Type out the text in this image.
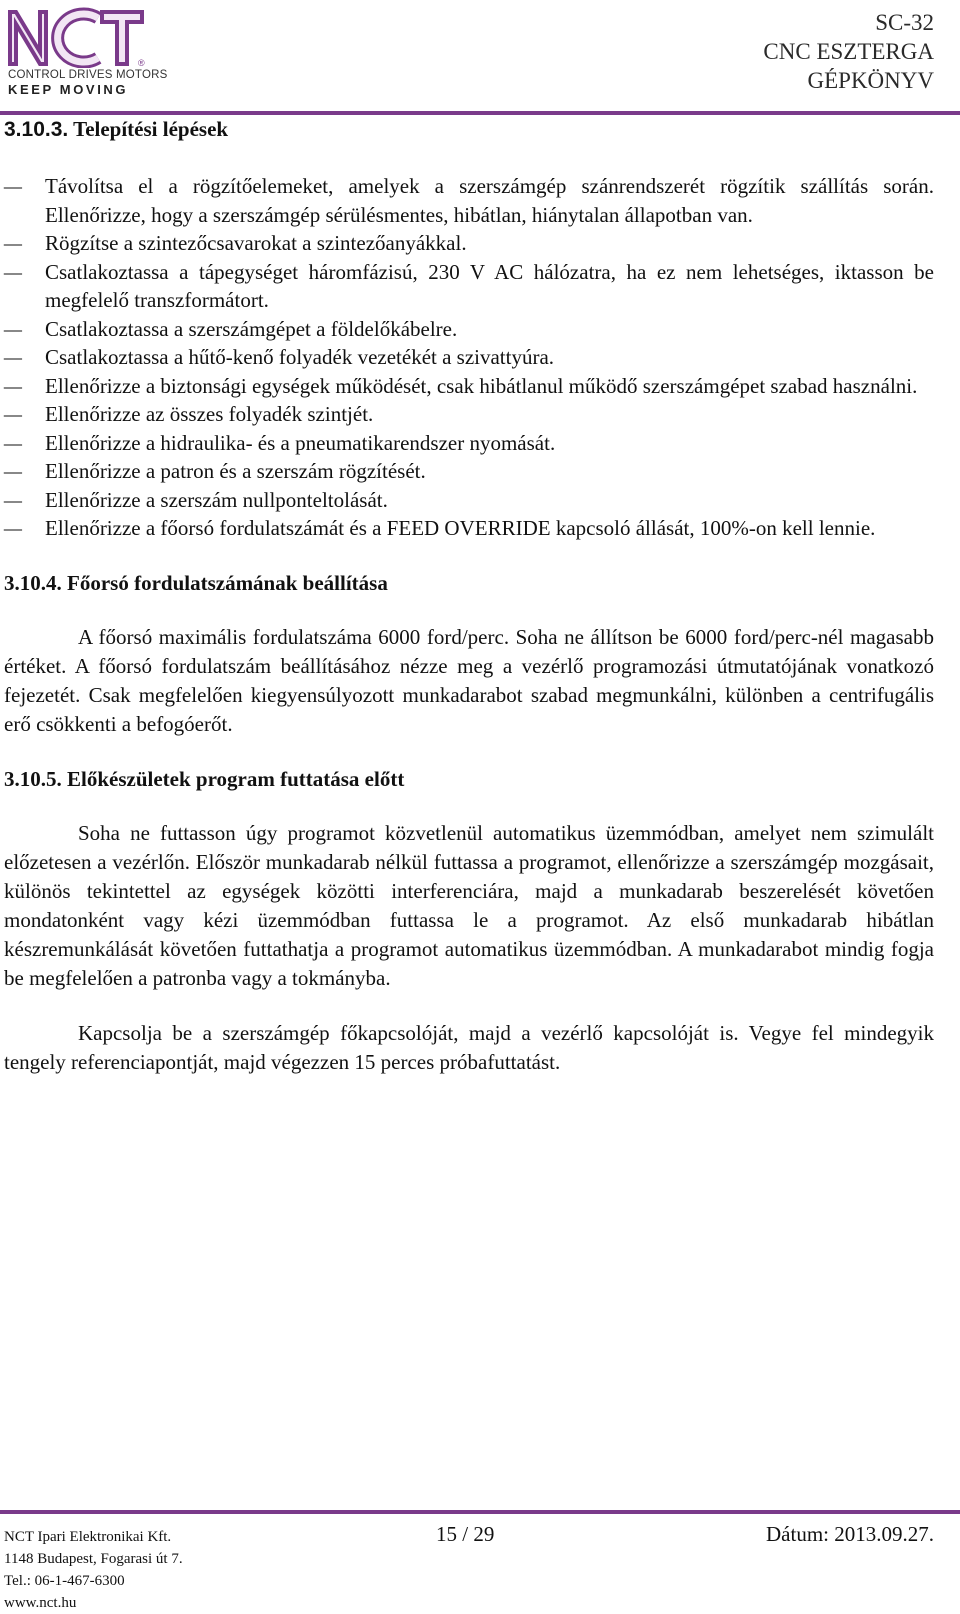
®
CONTROL DRIVES MOTORS
KEEP MOVING
SC-32
CNC ESZTERGA
GÉPKÖNYV
3.10.3. Telepítési lépések
– Távolítsa el a rögzítőelemeket, amelyek a szerszámgép szánrendszerét rögzítik szállítás során. Ellenőrizze, hogy a szerszámgép sérülésmentes, hibátlan, hiánytalan állapotban van.
– Rögzítse a szintezőcsavarokat a szintezőanyákkal.
– Csatlakoztassa a tápegységet háromfázisú, 230 V AC hálózatra, ha ez nem lehetséges, iktasson be megfelelő transzformátort.
– Csatlakoztassa a szerszámgépet a földelőkábelre.
– Csatlakoztassa a hűtő-kenő folyadék vezetékét a szivattyúra.
– Ellenőrizze a biztonsági egységek működését, csak hibátlanul működő szerszámgépet szabad használni.
– Ellenőrizze az összes folyadék szintjét.
– Ellenőrizze a hidraulika- és a pneumatikarendszer nyomását.
– Ellenőrizze a patron és a szerszám rögzítését.
– Ellenőrizze a szerszám nullponteltolását.
– Ellenőrizze a főorsó fordulatszámát és a FEED OVERRIDE kapcsoló állását, 100%-on kell lennie.
3.10.4. Főorsó fordulatszámának beállítása

A főorsó maximális fordulatszáma 6000 ford/perc. Soha ne állítson be 6000 ford/perc-nél magasabb értéket. A főorsó fordulatszám beállításához nézze meg a vezérlő programozási útmutatójának vonatkozó fejezetét. Csak megfelelően kiegyensúlyozott munkadarabot szabad megmunkálni, különben a centrifugális erő csökkenti a befogóerőt.

3.10.5. Előkészületek program futtatása előtt

Soha ne futtasson úgy programot közvetlenül automatikus üzemmódban, amelyet nem szimulált előzetesen a vezérlőn. Először munkadarab nélkül futtassa a programot, ellenőrizze a szerszámgép mozgásait, különös tekintettel az egységek közötti interferenciára, majd a munkadarab beszerelését követően mondatonként vagy kézi üzemmódban futtassa le a programot. Az első munkadarab hibátlan készremunkálását követően futtathatja a programot automatikus üzemmódban. A munkadarabot mindig fogja be megfelelően a patronba vagy a tokmányba.

Kapcsolja be a szerszámgép főkapcsolóját, majd a vezérlő kapcsolóját is. Vegye fel mindegyik tengely referenciapontját, majd végezzen 15 perces próbafuttatást.

NCT Ipari Elektronikai Kft.
1148 Budapest, Fogarasi út 7.
Tel.: 06-1-467-6300
www.nct.hu
15 / 29	Dátum: 2013.09.27.
